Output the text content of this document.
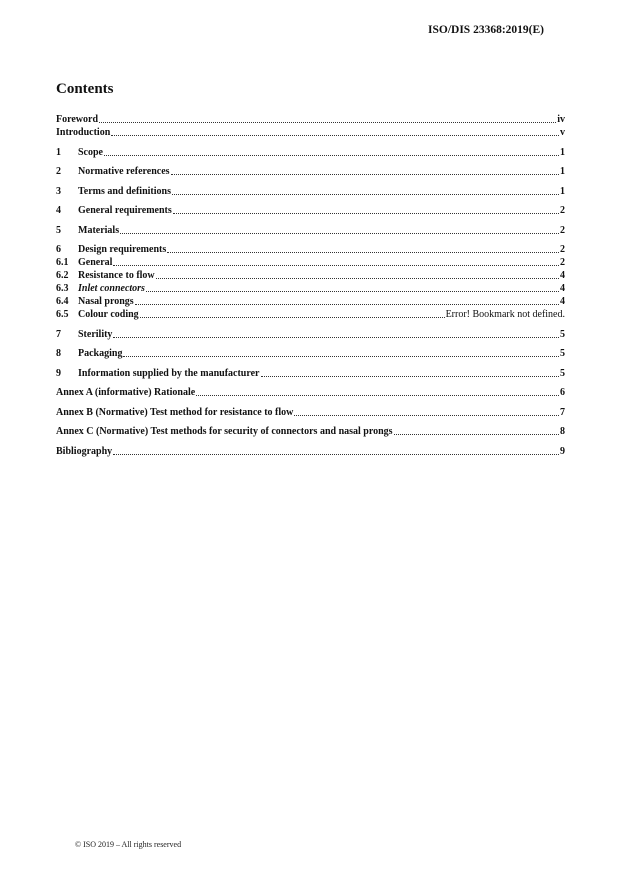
ISO/DIS 23368:2019(E)
Contents
Foreword	iv
Introduction	v
1	Scope	1
2	Normative references	1
3	Terms and definitions	1
4	General requirements	2
5	Materials	2
6	Design requirements	2
6.1 General	2
6.2 Resistance to flow	4
6.3 Inlet connectors	4
6.4 Nasal prongs	4
6.5 Colour coding	Error! Bookmark not defined.
7	Sterility	5
8	Packaging	5
9	Information supplied by the manufacturer	5
Annex A (informative) Rationale	6
Annex B (Normative) Test method for resistance to flow	7
Annex C (Normative) Test methods for security of connectors and nasal prongs	8
Bibliography	9
© ISO 2019 – All rights reserved
